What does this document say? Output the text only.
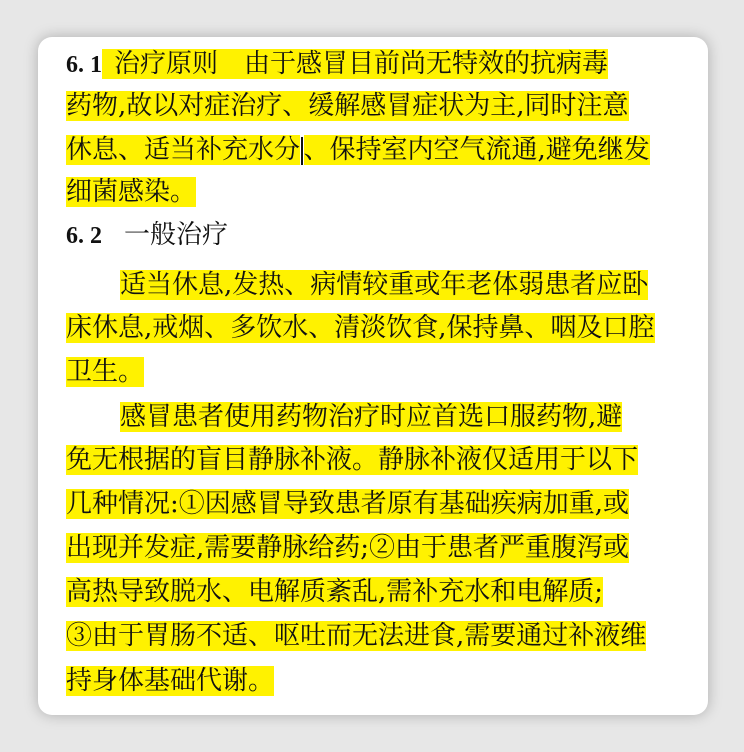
6. 1 治疗原则　由于感冒目前尚无特效的抗病毒
药物,故以对症治疗、缓解感冒症状为主,同时注意
休息、适当补充水分 、保持室内空气流通,避免继发
细菌感染。
6. 2 一般治疗
适当休息,发热、病情较重或年老体弱患者应卧
床休息,戒烟、多饮水、清淡饮食,保持鼻、咽及口腔
卫生。
感冒患者使用药物治疗时应首选口服药物,避
免无根据的盲目静脉补液。静脉补液仅适用于以下
几种情况:①因感冒导致患者原有基础疾病加重,或
出现并发症,需要静脉给药;②由于患者严重腹泻或
高热导致脱水、电解质紊乱,需补充水和电解质;
③由于胃肠不适、呕吐而无法进食,需要通过补液维
持身体基础代谢。
